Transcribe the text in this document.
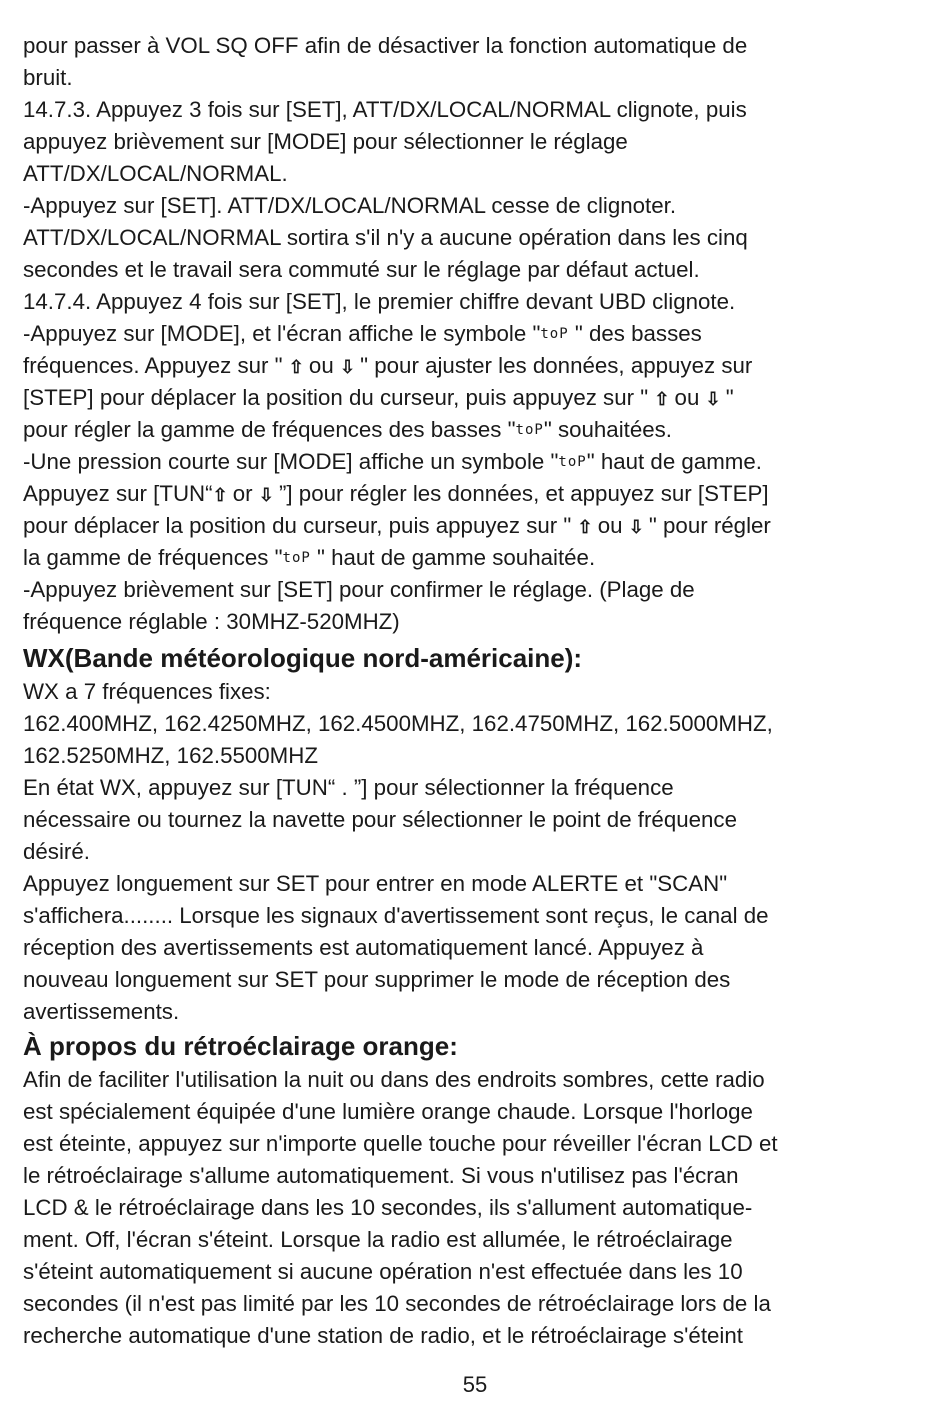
pour passer à VOL SQ OFF afin de désactiver la fonction automatique de
bruit.
14.7.3. Appuyez 3 fois sur [SET], ATT/DX/LOCAL/NORMAL clignote, puis
appuyez brièvement sur [MODE] pour sélectionner le réglage
ATT/DX/LOCAL/NORMAL.
-Appuyez sur [SET]. ATT/DX/LOCAL/NORMAL cesse de clignoter.
ATT/DX/LOCAL/NORMAL sortira s'il n'y a aucune opération dans les cinq
secondes et le travail sera commuté sur le réglage par défaut actuel.
14.7.4. Appuyez 4 fois sur [SET], le premier chiffre devant UBD clignote.
-Appuyez sur [MODE], et l'écran affiche le symbole "toP " des basses
fréquences. Appuyez sur " ⇧ ou ⇩ " pour ajuster les données, appuyez sur
[STEP] pour déplacer la position du curseur, puis appuyez sur " ⇧ ou ⇩ "
pour régler la gamme de fréquences des basses "toP" souhaitées.
-Une pression courte sur [MODE] affiche un symbole "toP" haut de gamme.
Appuyez sur [TUN“⇧ or ⇩ ”] pour régler les données, et appuyez sur [STEP]
pour déplacer la position du curseur, puis appuyez sur " ⇧ ou ⇩ " pour régler
la gamme de fréquences "toP " haut de gamme souhaitée.
-Appuyez brièvement sur [SET] pour confirmer le réglage. (Plage de
fréquence réglable : 30MHZ-520MHZ)
WX(Bande météorologique nord-américaine):
WX a 7 fréquences fixes:
162.400MHZ, 162.4250MHZ, 162.4500MHZ, 162.4750MHZ, 162.5000MHZ,
162.5250MHZ, 162.5500MHZ
En état WX, appuyez sur [TUN“ . ”] pour sélectionner la fréquence
nécessaire ou tournez la navette pour sélectionner le point de fréquence
désiré.
Appuyez longuement sur SET pour entrer en mode ALERTE et "SCAN"
s'affichera........ Lorsque les signaux d'avertissement sont reçus, le canal de
réception des avertissements est automatiquement lancé. Appuyez à
nouveau longuement sur SET pour supprimer le mode de réception des
avertissements.
À propos du rétroéclairage orange:
Afin de faciliter l'utilisation la nuit ou dans des endroits sombres, cette radio
est spécialement équipée d'une lumière orange chaude. Lorsque l'horloge
est éteinte, appuyez sur n'importe quelle touche pour réveiller l'écran LCD et
le rétroéclairage s'allume automatiquement. Si vous n'utilisez pas l'écran
LCD & le rétroéclairage dans les 10 secondes, ils s'allument automatique-
ment. Off, l'écran s'éteint. Lorsque la radio est allumée, le rétroéclairage
s'éteint automatiquement si aucune opération n'est effectuée dans les 10
secondes (il n'est pas limité par les 10 secondes de rétroéclairage lors de la
recherche automatique d'une station de radio, et le rétroéclairage s'éteint
55
